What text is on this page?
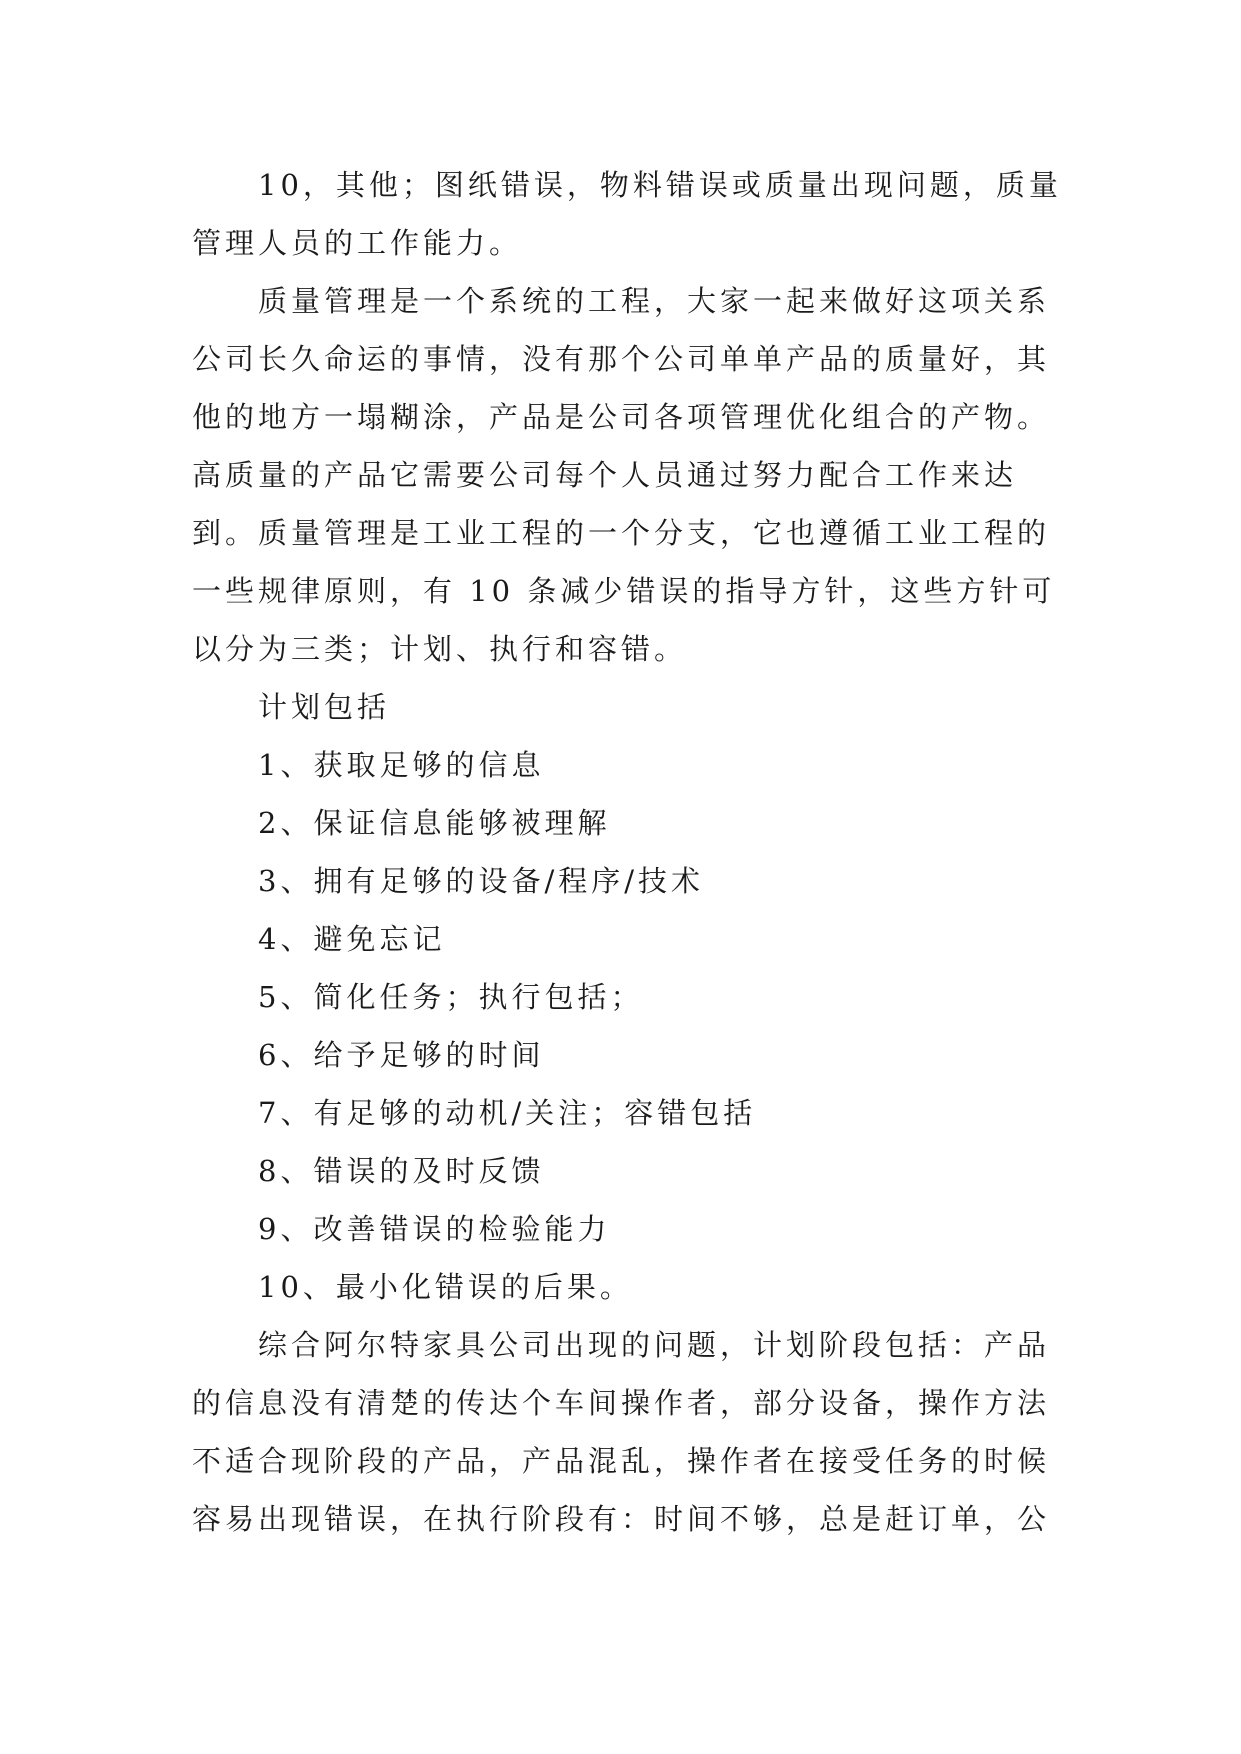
10，其他；图纸错误，物料错误或质量出现问题，质量
管理人员的工作能力。
质量管理是一个系统的工程，大家一起来做好这项关系
公司长久命运的事情，没有那个公司单单产品的质量好，其
他的地方一塌糊涂，产品是公司各项管理优化组合的产物。
高质量的产品它需要公司每个人员通过努力配合工作来达
到。质量管理是工业工程的一个分支，它也遵循工业工程的
一些规律原则，有 10 条减少错误的指导方针，这些方针可
以分为三类；计划、执行和容错。
计划包括
1、获取足够的信息
2、保证信息能够被理解
3、拥有足够的设备/程序/技术
4、避免忘记
5、简化任务；执行包括；
6、给予足够的时间
7、有足够的动机/关注；容错包括
8、错误的及时反馈
9、改善错误的检验能力
10、最小化错误的后果。
综合阿尔特家具公司出现的问题，计划阶段包括：产品
的信息没有清楚的传达个车间操作者，部分设备，操作方法
不适合现阶段的产品，产品混乱，操作者在接受任务的时候
容易出现错误，在执行阶段有：时间不够，总是赶订单，公
